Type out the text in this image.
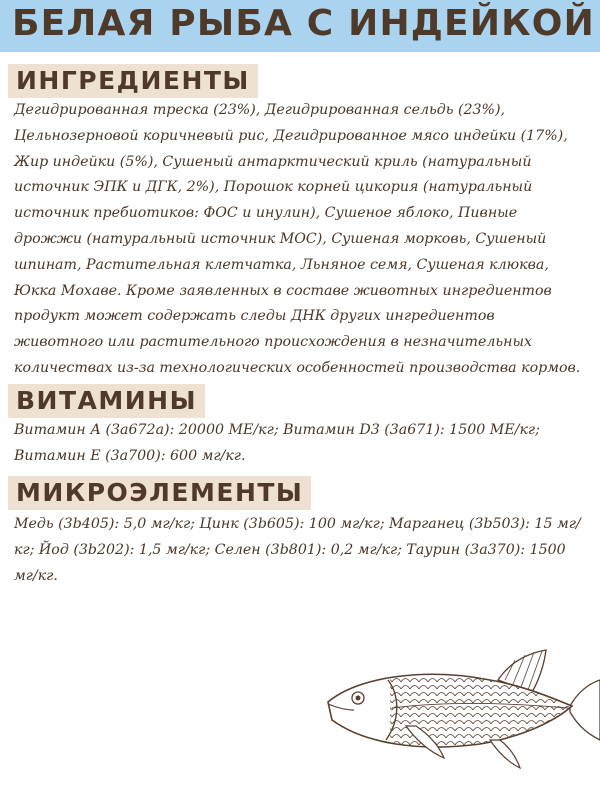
БЕЛАЯ РЫБА С ИНДЕЙКОЙ
ИНГРЕДИЕНТЫ

Дегидрированная треска (23%), Дегидрированная сельдь (23%), Цельнозерновой коричневый рис, Дегидрированное мясо индейки (17%), Жир индейки (5%), Сушеный антарктический криль (натуральный источник ЭПК и ДГК, 2%), Порошок корней цикория (натуральный источник пребиотиков: ФОС и инулин), Сушеное яблоко, Пивные дрожжи (натуральный источник МОС), Сушеная морковь, Сушеный шпинат, Растительная клетчатка, Льняное семя, Сушеная клюква, Юкка Мохаве. Кроме заявленных в составе животных ингредиентов продукт может содержать следы ДНК других ингредиентов животного или растительного происхождения в незначительных количествах из-за технологических особенностей производства кормов.

ВИТАМИНЫ

Витамин А (3а672а): 20000 МЕ/кг; Витамин D3 (3а671): 1500 МЕ/кг; Витамин Е (3а700): 600 мг/кг.

МИКРОЭЛЕМЕНТЫ

Медь (3b405): 5,0 мг/кг; Цинк (3b605): 100 мг/кг; Марганец (3b503): 15 мг/кг; Йод (3b202): 1,5 мг/кг; Селен (3b801): 0,2 мг/кг; Таурин (3а370): 1500 мг/кг.
